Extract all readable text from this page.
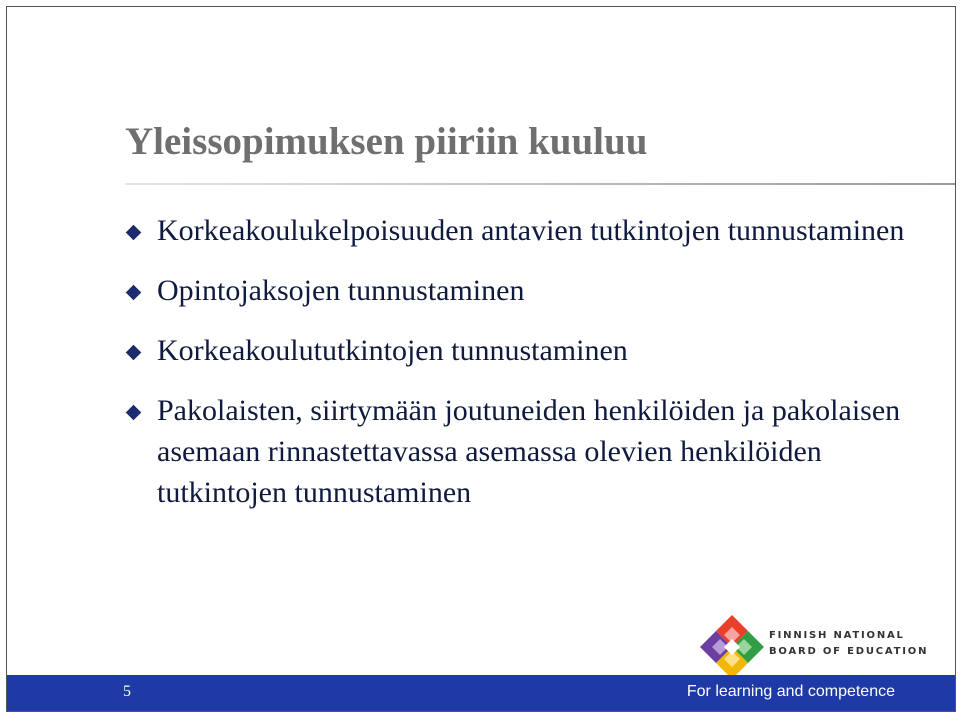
Yleissopimuksen piiriin kuuluu
Korkeakoulukelpoisuuden antavien tutkintojen tunnustaminen
Opintojaksojen tunnustaminen
Korkeakoulututkintojen tunnustaminen
Pakolaisten, siirtymään joutuneiden henkilöiden ja pakolaisen asemaan rinnastettavassa asemassa olevien henkilöiden tutkintojen tunnustaminen
FINNISH NATIONAL
BOARD OF EDUCATION
5	For learning and competence
